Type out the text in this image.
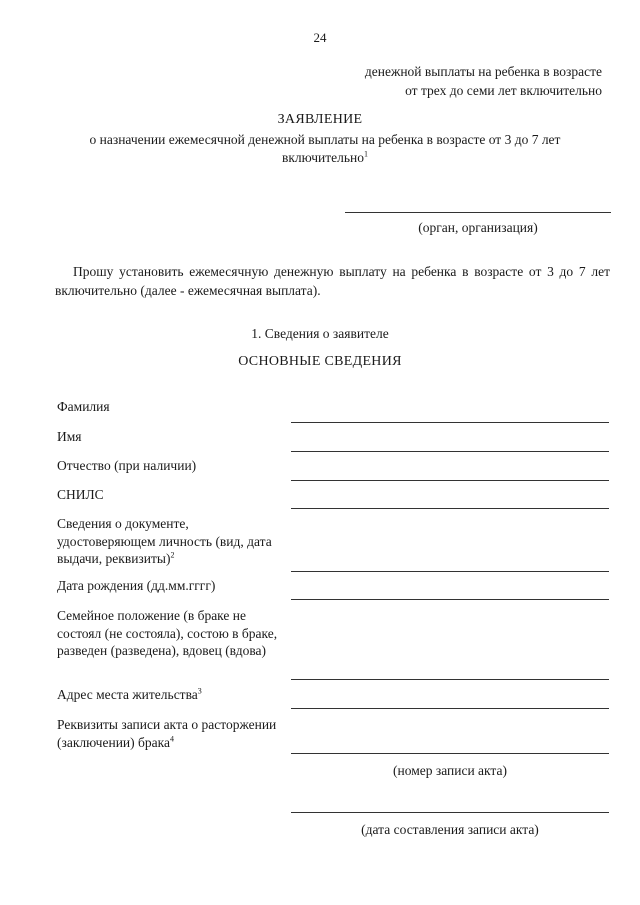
24
денежной выплаты на ребенка в возрасте
от трех до семи лет включительно
ЗАЯВЛЕНИЕ
о назначении ежемесячной денежной выплаты на ребенка в возрасте от 3 до 7 лет включительно$^1$
(орган, организация)
Прошу установить ежемесячную денежную выплату на ребенка в возрасте от 3 до 7 лет включительно (далее - ежемесячная выплата).
1. Сведения о заявителе
ОСНОВНЫЕ СВЕДЕНИЯ
Фамилия
Имя
Отчество (при наличии)
СНИЛС
Сведения о документе, удостоверяющем личность (вид, дата выдачи, реквизиты)$^2$
Дата рождения (дд.мм.гггг)
Семейное положение (в браке не состоял (не состояла), состою в браке, разведен (разведена), вдовец (вдова)
Адрес места жительства$^3$
Реквизиты записи акта о расторжении (заключении) брака$^4$
(номер записи акта)
(дата составления записи акта)
